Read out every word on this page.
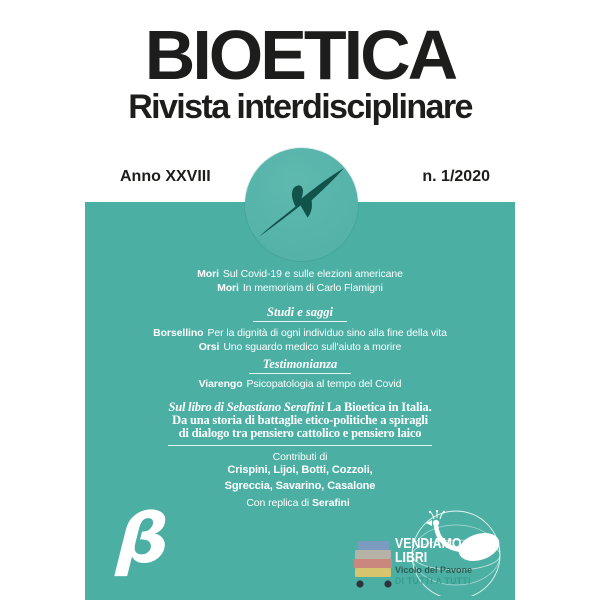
BIOETICA
Rivista interdisciplinare
Anno XXVIII	n. 1/2020
Mori Sul Covid-19 e sulle elezioni americane
Mori In memoriam di Carlo Flamigni
Studi e saggi
Borsellino Per la dignità di ogni individuo sino alla fine della vita
Orsi Uno sguardo medico sull'aiuto a morire
Testimonianza
Viarengo Psicopatologia al tempo del Covid
Sul libro di Sebastiano Serafini La Bioetica in Italia.
Da una storia di battaglie etico-politiche a spiragli
di dialogo tra pensiero cattolico e pensiero laico
Contributi di
Crispini, Lijoi, Botti, Cozzoli,
Sgreccia, Savarino, Casalone
Con replica di Serafini
β	VENDIAMO
LIBRI
Vicolo del Pavone
DI TUTTI A TUTTI
